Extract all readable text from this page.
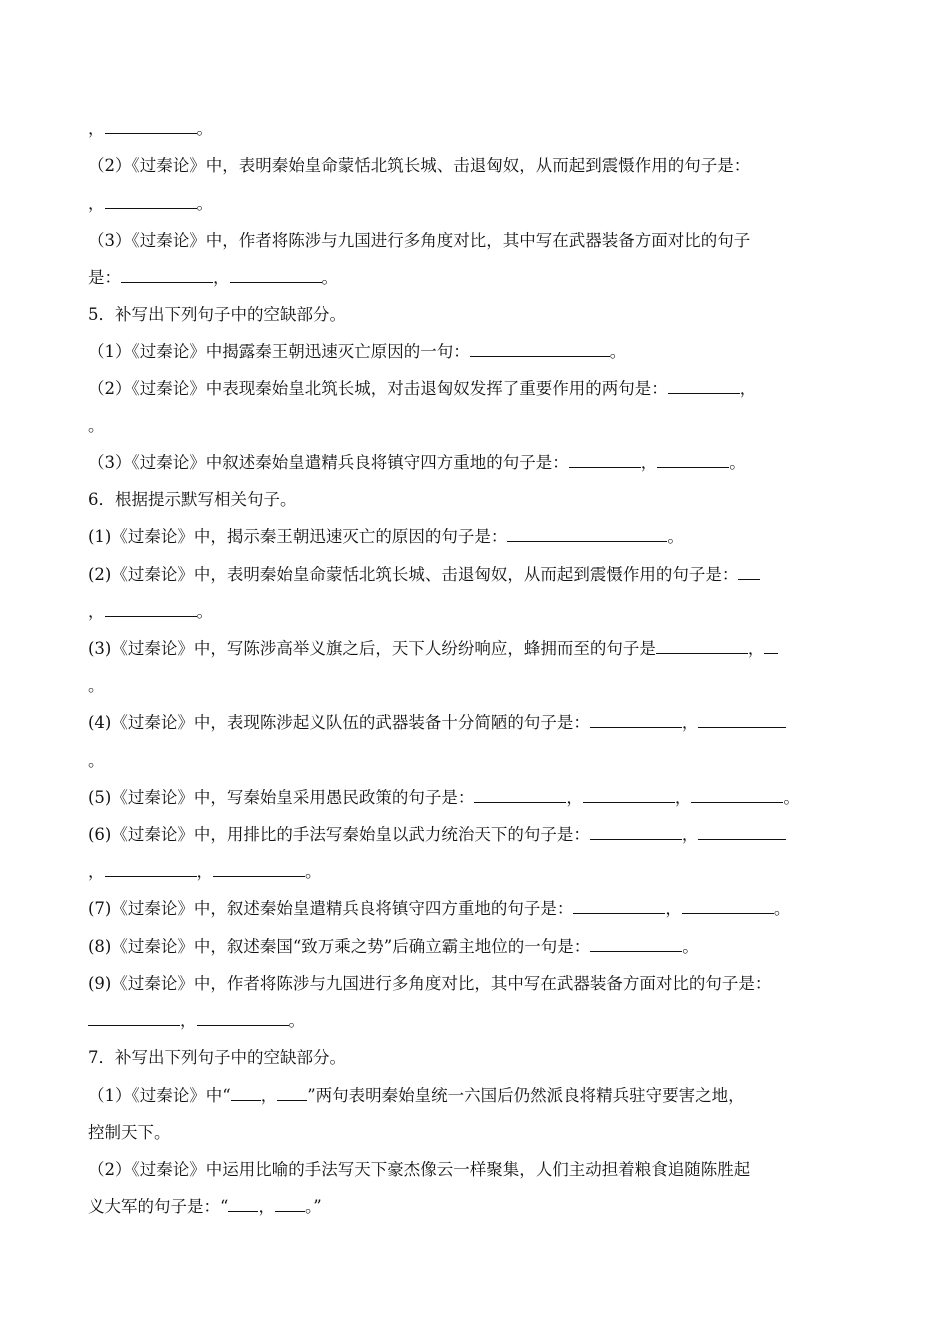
，	。
（2）《过秦论》中，表明秦始皇命蒙恬北筑长城、击退匈奴，从而起到震慑作用的句子是：
，	。
（3）《过秦论》中，作者将陈涉与九国进行多角度对比，其中写在武器装备方面对比的句子
是：	，	。
5．补写出下列句子中的空缺部分。
（1）《过秦论》中揭露秦王朝迅速灭亡原因的一句：	。
（2）《过秦论》中表现秦始皇北筑长城，对击退匈奴发挥了重要作用的两句是：	，
。
（3）《过秦论》中叙述秦始皇遣精兵良将镇守四方重地的句子是：	，	。
6．根据提示默写相关句子。
(1)《过秦论》中，揭示秦王朝迅速灭亡的原因的句子是：	。
(2)《过秦论》中，表明秦始皇命蒙恬北筑长城、击退匈奴，从而起到震慑作用的句子是：
，	。
(3)《过秦论》中，写陈涉高举义旗之后，天下人纷纷响应，蜂拥而至的句子是	，
。
(4)《过秦论》中，表现陈涉起义队伍的武器装备十分简陋的句子是：	，
。
(5)《过秦论》中，写秦始皇采用愚民政策的句子是：	，	，	。
(6)《过秦论》中，用排比的手法写秦始皇以武力统治天下的句子是：	，
，	，	。
(7)《过秦论》中，叙述秦始皇遣精兵良将镇守四方重地的句子是：	，	。
(8)《过秦论》中，叙述秦国“致万乘之势”后确立霸主地位的一句是：	。
(9)《过秦论》中，作者将陈涉与九国进行多角度对比，其中写在武器装备方面对比的句子是：
，	。
7．补写出下列句子中的空缺部分。
（1）《过秦论》中“ ， ”两句表明秦始皇统一六国后仍然派良将精兵驻守要害之地，
控制天下。
（2）《过秦论》中运用比喻的手法写天下豪杰像云一样聚集，人们主动担着粮食追随陈胜起
义大军的句子是：“ ， 。”
